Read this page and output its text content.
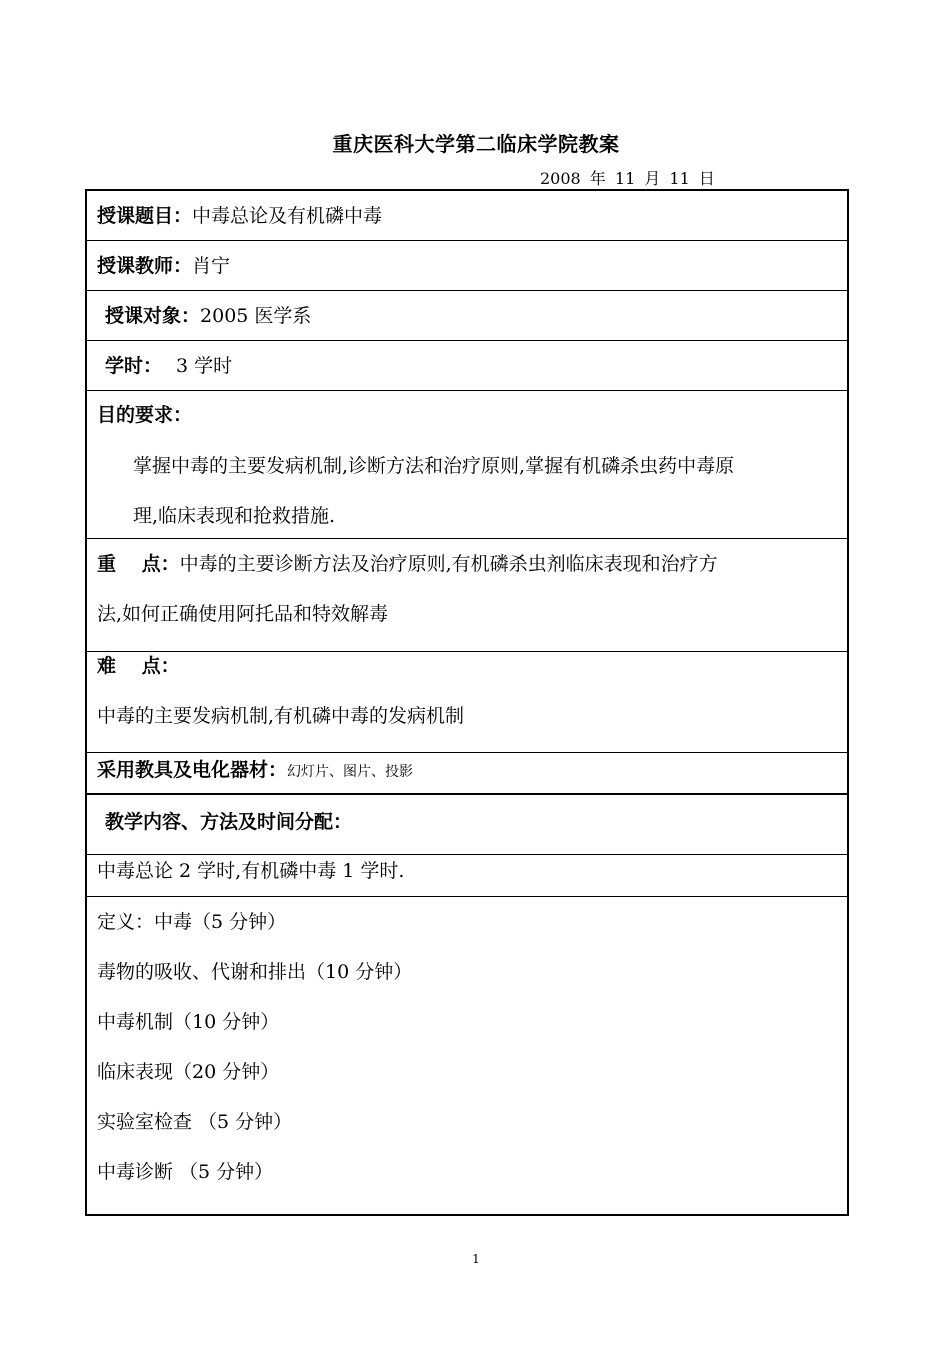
重庆医科大学第二临床学院教案
2008 年 11 月 11 日
授课题目：中毒总论及有机磷中毒
授课教师：肖宁
授课对象：2005 医学系
学时： 3 学时
目的要求：
掌握中毒的主要发病机制,诊断方法和治疗原则,掌握有机磷杀虫药中毒原
理,临床表现和抢救措施.
重　 点：中毒的主要诊断方法及治疗原则,有机磷杀虫剂临床表现和治疗方
法,如何正确使用阿托品和特效解毒
难　 点：
中毒的主要发病机制,有机磷中毒的发病机制
采用教具及电化器材：幻灯片、图片、投影
教学内容、方法及时间分配：
中毒总论 2 学时,有机磷中毒 1 学时.
定义：中毒（5 分钟）
毒物的吸收、代谢和排出（10 分钟）
中毒机制（10 分钟）
临床表现（20 分钟）
实验室检查 （5 分钟）
中毒诊断 （5 分钟）
1
